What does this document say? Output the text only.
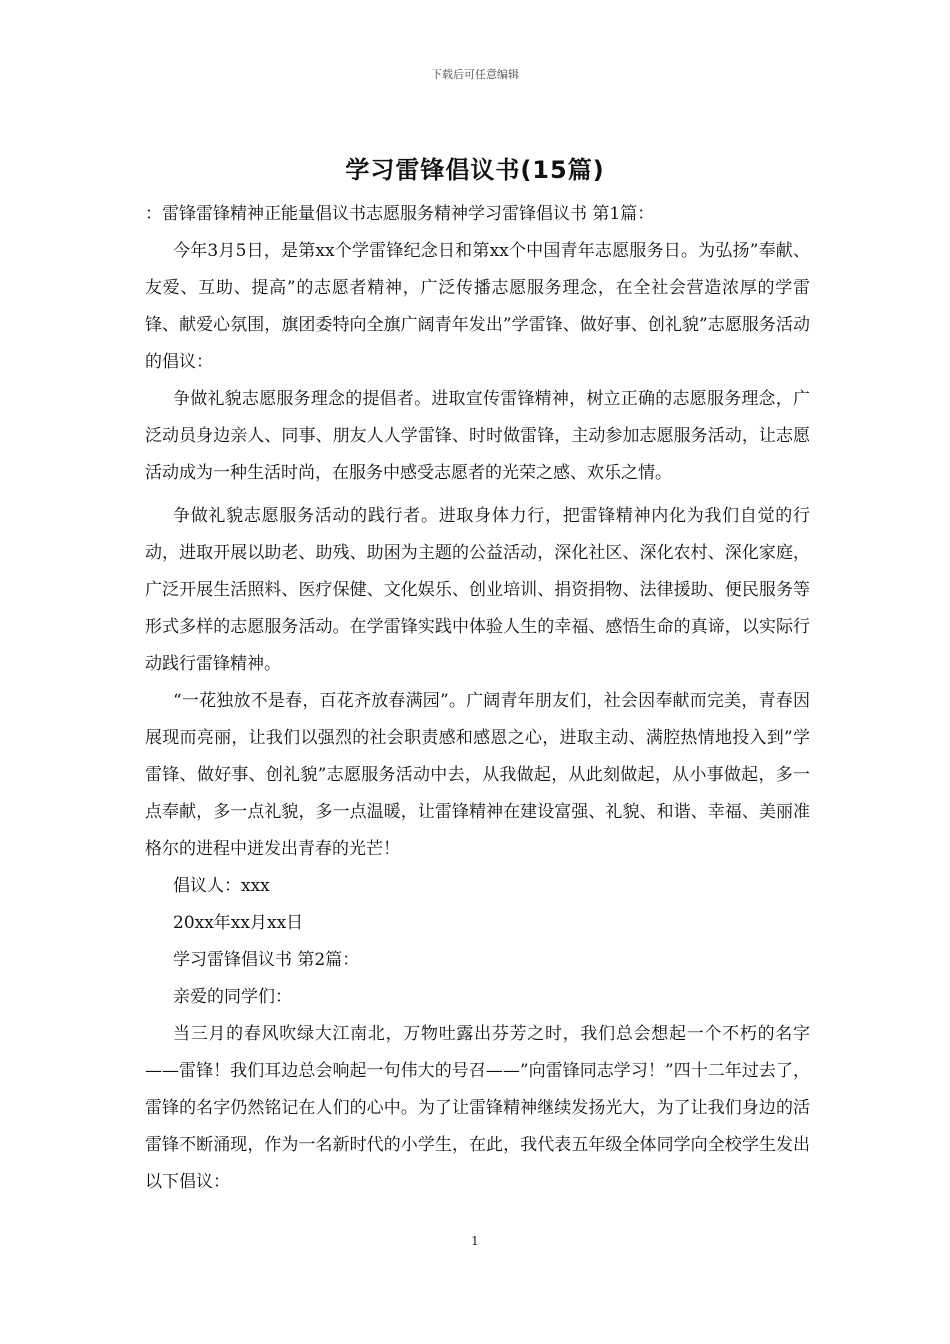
下载后可任意编辑
学习雷锋倡议书(15篇)

：雷锋雷锋精神正能量倡议书志愿服务精神学习雷锋倡议书 第1篇：

今年3月5日，是第xx个学雷锋纪念日和第xx个中国青年志愿服务日。为弘扬”奉献、友爱、互助、提高”的志愿者精神，广泛传播志愿服务理念，在全社会营造浓厚的学雷锋、献爱心氛围，旗团委特向全旗广阔青年发出”学雷锋、做好事、创礼貌”志愿服务活动的倡议：

争做礼貌志愿服务理念的提倡者。进取宣传雷锋精神，树立正确的志愿服务理念，广泛动员身边亲人、同事、朋友人人学雷锋、时时做雷锋，主动参加志愿服务活动，让志愿活动成为一种生活时尚，在服务中感受志愿者的光荣之感、欢乐之情。

争做礼貌志愿服务活动的践行者。进取身体力行，把雷锋精神内化为我们自觉的行动，进取开展以助老、助残、助困为主题的公益活动，深化社区、深化农村、深化家庭，广泛开展生活照料、医疗保健、文化娱乐、创业培训、捐资捐物、法律援助、便民服务等形式多样的志愿服务活动。在学雷锋实践中体验人生的幸福、感悟生命的真谛，以实际行动践行雷锋精神。

“一花独放不是春，百花齐放春满园”。广阔青年朋友们，社会因奉献而完美，青春因展现而亮丽，让我们以强烈的社会职责感和感恩之心，进取主动、满腔热情地投入到”学雷锋、做好事、创礼貌”志愿服务活动中去，从我做起，从此刻做起，从小事做起，多一点奉献，多一点礼貌，多一点温暖，让雷锋精神在建设富强、礼貌、和谐、幸福、美丽准格尔的进程中迸发出青春的光芒！

倡议人：xxx

20xx年xx月xx日

学习雷锋倡议书 第2篇：

亲爱的同学们：

当三月的春风吹绿大江南北，万物吐露出芬芳之时，我们总会想起一个不朽的名字——雷锋！我们耳边总会响起一句伟大的号召——”向雷锋同志学习！”四十二年过去了，雷锋的名字仍然铭记在人们的心中。为了让雷锋精神继续发扬光大，为了让我们身边的活雷锋不断涌现，作为一名新时代的小学生，在此，我代表五年级全体同学向全校学生发出以下倡议：

1
